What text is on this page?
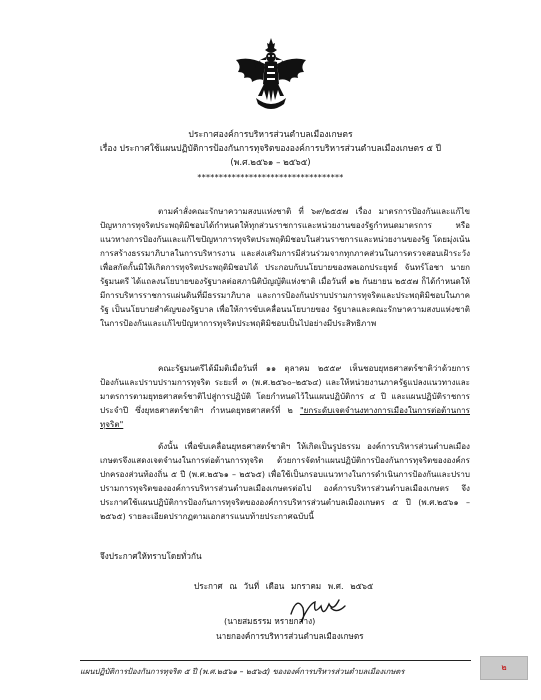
ประกาศองค์การบริหารส่วนตำบลเมืองเกษตร
เรื่อง ประกาศใช้แผนปฏิบัติการป้องกันการทุจริตขององค์การบริหารส่วนตำบลเมืองเกษตร ๕ ปี
(พ.ศ.๒๕๖๑ – ๒๕๖๕)
**********************************
ตามคำสั่งคณะรักษาความสงบแห่งชาติ ที่ ๖๙/๒๕๕๗ เรื่อง มาตรการป้องกันและแก้ไขปัญหาการทุจริตประพฤติมิชอบได้กำหนดให้ทุกส่วนราชการและหน่วยงานของรัฐกำหนดมาตรการ หรือแนวทางการป้องกันและแก้ไขปัญหาการทุจริตประพฤติมิชอบในส่วนราชการและหน่วยงานของรัฐ โดยมุ่งเน้นการสร้างธรรมาภิบาลในการบริหารงาน และส่งเสริมการมีส่วนร่วมจากทุกภาคส่วนในการตรวจสอบเฝ้าระวังเพื่อสกัดกั้นมิให้เกิดการทุจริตประพฤติมิชอบได้ ประกอบกับนโยบายของพลเอกประยุทธ์ จันทร์โอชา นายกรัฐมนตรี ได้แถลงนโยบายของรัฐบาลต่อสภานิติบัญญัติแห่งชาติ เมื่อวันที่ ๑๒ กันยายน ๒๕๕๗ ก็ได้กำหนดให้มีการบริหารราชการแผ่นดินที่มีธรรมาภิบาล และการป้องกันปราบปรามการทุจริตและประพฤติมิชอบในภาครัฐ เป็นนโยบายสำคัญของรัฐบาล เพื่อให้การขับเคลื่อนนโยบายของ รัฐบาลและคณะรักษาความสงบแห่งชาติ ในการป้องกันและแก้ไขปัญหาการทุจริตประพฤติมิชอบเป็นไปอย่างมีประสิทธิภาพ
คณะรัฐมนตรีได้มีมติเมื่อวันที่ ๑๑ ตุลาคม ๒๕๕๙ เห็นชอบยุทธศาสตร์ชาติว่าด้วยการป้องกันและปราบปรามการทุจริต ระยะที่ ๓ (พ.ศ.๒๕๖๐–๒๕๖๔) และให้หน่วยงานภาครัฐแปลงแนวทางและมาตรการตามยุทธศาสตร์ชาติไปสู่การปฏิบัติ โดยกำหนดไว้ในแผนปฏิบัติการ ๔ ปี และแผนปฏิบัติราชการประจำปี ซึ่งยุทธศาสตร์ชาติฯ กำหนดยุทธศาสตร์ที่ ๒ "ยกระดับเจตจำนงทางการเมืองในการต่อต้านการทุจริต"
ดังนั้น เพื่อขับเคลื่อนยุทธศาสตร์ชาติฯ ให้เกิดเป็นรูปธรรม องค์การบริหารส่วนตำบลเมืองเกษตรจึงแสดงเจตจำนงในการต่อต้านการทุจริต ด้วยการจัดทำแผนปฏิบัติการป้องกันการทุจริตขององค์กรปกครองส่วนท้องถิ่น ๕ ปี (พ.ศ.๒๕๖๑ – ๒๕๖๕) เพื่อใช้เป็นกรอบแนวทางในการดำเนินการป้องกันและปราบปรามการทุจริตขององค์การบริหารส่วนตำบลเมืองเกษตรต่อไป องค์การบริหารส่วนตำบลเมืองเกษตร จึงประกาศใช้แผนปฏิบัติการป้องกันการทุจริตขององค์การบริหารส่วนตำบลเมืองเกษตร ๕ ปี (พ.ศ.๒๕๖๑ – ๒๕๖๕) รายละเอียดปรากฏตามเอกสารแนบท้ายประกาศฉบับนี้
จึงประกาศให้ทราบโดยทั่วกัน
ประกาศ ณ วันที่ เดือน มกราคม พ.ศ. ๒๕๖๕
(นายสมธรรม หรายกลาง)
นายกองค์การบริหารส่วนตำบลเมืองเกษตร
แผนปฏิบัติการป้องกันการทุจริต ๕ ปี (พ.ศ.๒๕๖๑ – ๒๕๖๕) ขององค์การบริหารส่วนตำบลเมืองเกษตร	๒
